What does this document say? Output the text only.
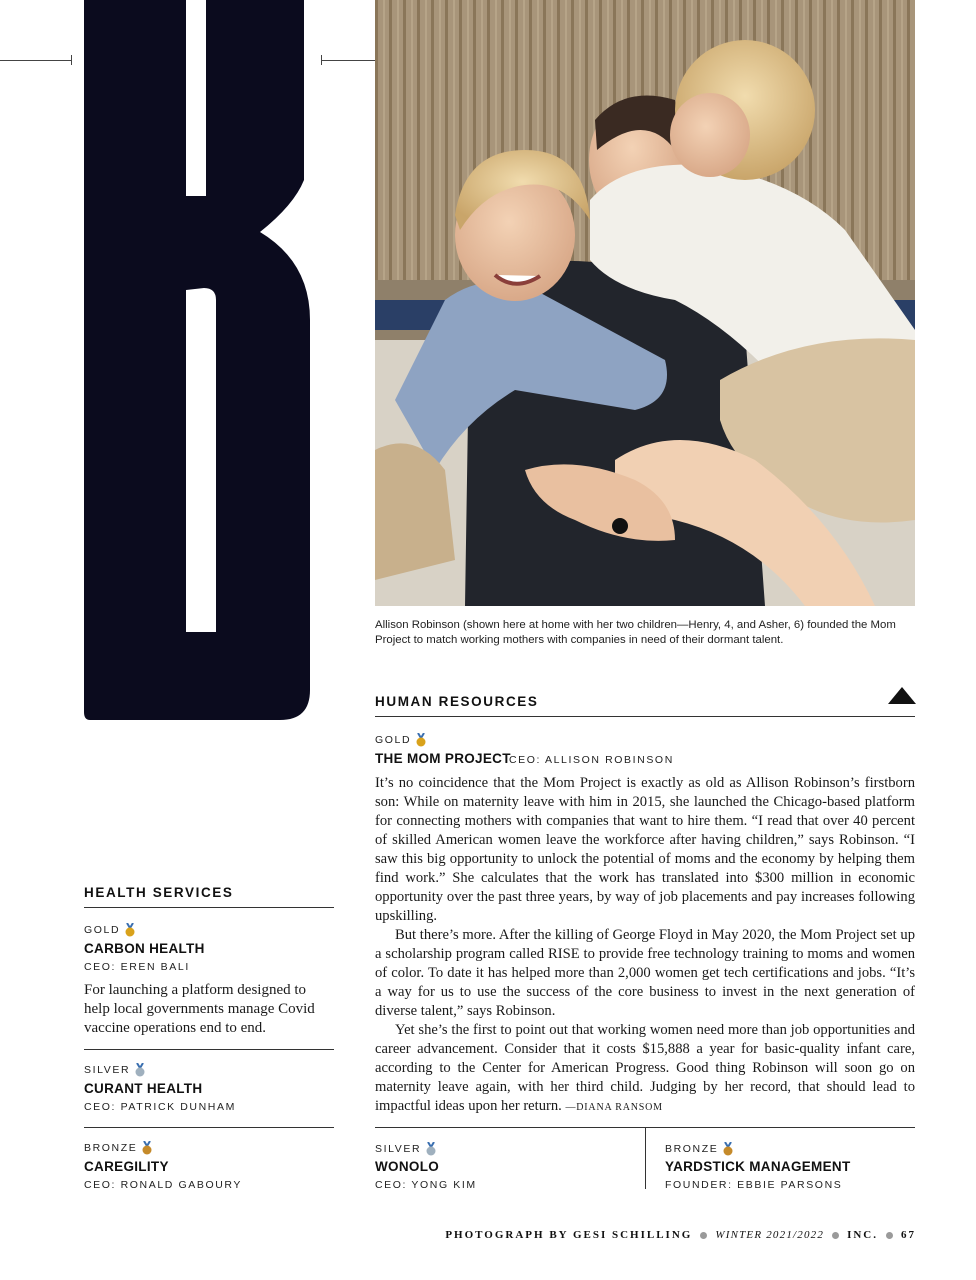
Allison Robinson (shown here at home with her two children—Henry, 4, and Asher, 6) founded the Mom Project to match working mothers with companies in need of their dormant talent.
HUMAN RESOURCES
GOLD
THE MOM PROJECT
CEO: ALLISON ROBINSON

It’s no coincidence that the Mom Project is exactly as old as Allison Robinson’s firstborn son: While on maternity leave with him in 2015, she launched the Chicago-based platform for connecting mothers with companies that want to hire them. “I read that over 40 percent of skilled American women leave the workforce after having children,” says Robinson. “I saw this big opportunity to unlock the potential of moms and the economy by helping them find work.” She calculates that the work has translated into $300 million in economic opportunity over the past three years, by way of job placements and pay increases following upskilling.

But there’s more. After the killing of George Floyd in May 2020, the Mom Project set up a scholarship program called RISE to provide free technology training to moms and women of color. To date it has helped more than 2,000 women get tech certifications and jobs. “It’s a way for us to use the success of the core business to invest in the next generation of diverse talent,” says Robinson.

Yet she’s the first to point out that working women need more than job opportunities and career advancement. Consider that it costs $15,888 a year for basic-quality infant care, according to the Center for American Progress. Good thing Robinson will soon go on maternity leave again, with her third child. Judging by her record, that should lead to impactful ideas upon her return. —DIANA RANSOM

SILVER
WONOLO
CEO: YONG KIM
BRONZE
YARDSTICK MANAGEMENT
FOUNDER: EBBIE PARSONS
HEALTH SERVICES
GOLD
CARBON HEALTH
CEO: EREN BALI
For launching a platform designed to help local governments manage Covid vaccine operations end to end.
SILVER
CURANT HEALTH
CEO: PATRICK DUNHAM
BRONZE
CAREGILITY
CEO: RONALD GABOURY
PHOTOGRAPH BY GESI SCHILLING WINTER 2021/2022 INC. 67
